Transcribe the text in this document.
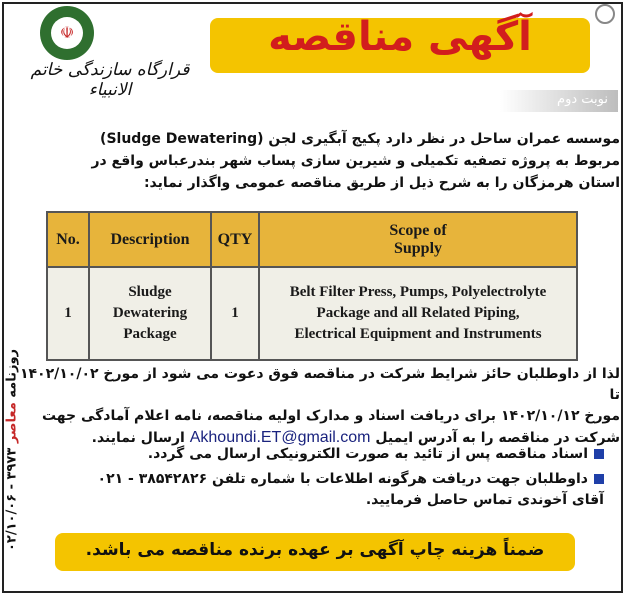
☫
قرارگاه سازندگی خاتم الانبیاء
آگهی مناقصه
نوبت دوم
موسسه عمران ساحل در نظر دارد پکیج آبگیری لجن (Sludge Dewatering)
مربوط به پروژه تصفیه تکمیلی و شیرین سازی پساب شهر بندرعباس واقع در
استان هرمزگان را به شرح ذیل از طریق مناقصه عمومی واگذار نماید:
No.	Description	QTY
Scope of
Supply
1
Sludge
Dewatering
Package
1
Belt Filter Press, Pumps, Polyelectrolyte
Package and all Related Piping,
Electrical Equipment and Instruments
لذا از داوطلبان حائز شرایط شرکت در مناقصه فوق دعوت می شود از مورخ ۱۴۰۲/۱۰/۰۲ تا
مورخ ۱۴۰۲/۱۰/۱۲ برای دریافت اسناد و مدارک اولیه مناقصه، نامه اعلام آمادگی جهت
شرکت در مناقصه را به آدرس ایمیل Akhoundi.ET@gmail.com ارسال نمایند.
اسناد مناقصه پس از تائید به صورت الکترونیکی ارسال می گردد.
داوطلبان جهت دریافت هرگونه اطلاعات با شماره تلفن ۳۸۵۴۲۸۲۶ - ۰۲۱
آقای آخوندی تماس حاصل فرمایید.
ضمناً هزینه چاپ آگهی بر عهده برنده مناقصه می باشد.
روزنامه معاصر ۳۹۷۳ - ۰۲/۱۰/۰۶
